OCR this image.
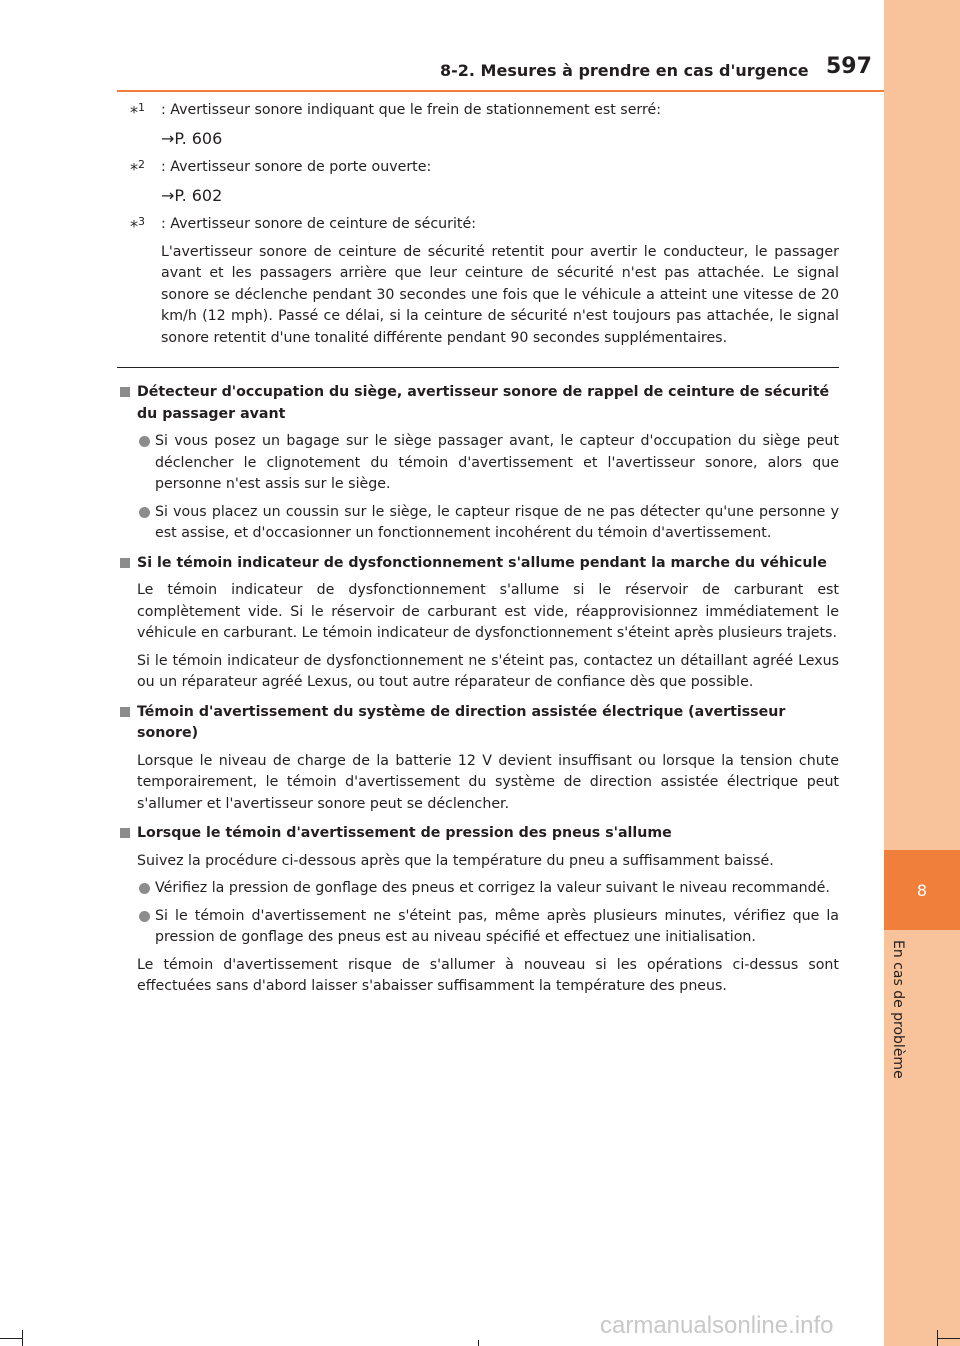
8
En cas de problème
8-2. Mesures à prendre en cas d'urgence 597
*$^1$ : Avertisseur sonore indiquant que le frein de stationnement est serré:
→P. 606
*$^2$ : Avertisseur sonore de porte ouverte:
→P. 602
*$^3$ : Avertisseur sonore de ceinture de sécurité:
L'avertisseur sonore de ceinture de sécurité retentit pour avertir le conducteur, le passager avant et les passagers arrière que leur ceinture de sécurité n'est pas attachée. Le signal sonore se déclenche pendant 30 secondes une fois que le véhicule a atteint une vitesse de 20 km/h (12 mph). Passé ce délai, si la ceinture de sécurité n'est toujours pas attachée, le signal sonore retentit d'une tonalité différente pendant 90 secondes supplémentaires.
Détecteur d'occupation du siège, avertisseur sonore de rappel de ceinture de sécurité du passager avant
Si vous posez un bagage sur le siège passager avant, le capteur d'occupation du siège peut déclencher le clignotement du témoin d'avertissement et l'avertisseur sonore, alors que personne n'est assis sur le siège.
Si vous placez un coussin sur le siège, le capteur risque de ne pas détecter qu'une personne y est assise, et d'occasionner un fonctionnement incohérent du témoin d'avertissement.
Si le témoin indicateur de dysfonctionnement s'allume pendant la marche du véhicule
Le témoin indicateur de dysfonctionnement s'allume si le réservoir de carburant est complètement vide. Si le réservoir de carburant est vide, réapprovisionnez immédiatement le véhicule en carburant. Le témoin indicateur de dysfonctionnement s'éteint après plusieurs trajets.
Si le témoin indicateur de dysfonctionnement ne s'éteint pas, contactez un détaillant agréé Lexus ou un réparateur agréé Lexus, ou tout autre réparateur de confiance dès que possible.
Témoin d'avertissement du système de direction assistée électrique (avertisseur sonore)
Lorsque le niveau de charge de la batterie 12 V devient insuffisant ou lorsque la tension chute temporairement, le témoin d'avertissement du système de direction assistée électrique peut s'allumer et l'avertisseur sonore peut se déclencher.
Lorsque le témoin d'avertissement de pression des pneus s'allume
Suivez la procédure ci-dessous après que la température du pneu a suffisamment baissé.
Vérifiez la pression de gonflage des pneus et corrigez la valeur suivant le niveau recommandé.
Si le témoin d'avertissement ne s'éteint pas, même après plusieurs minutes, vérifiez que la pression de gonflage des pneus est au niveau spécifié et effectuez une initialisation.
Le témoin d'avertissement risque de s'allumer à nouveau si les opérations ci-dessus sont effectuées sans d'abord laisser s'abaisser suffisamment la température des pneus.
carmanualsonline.info
